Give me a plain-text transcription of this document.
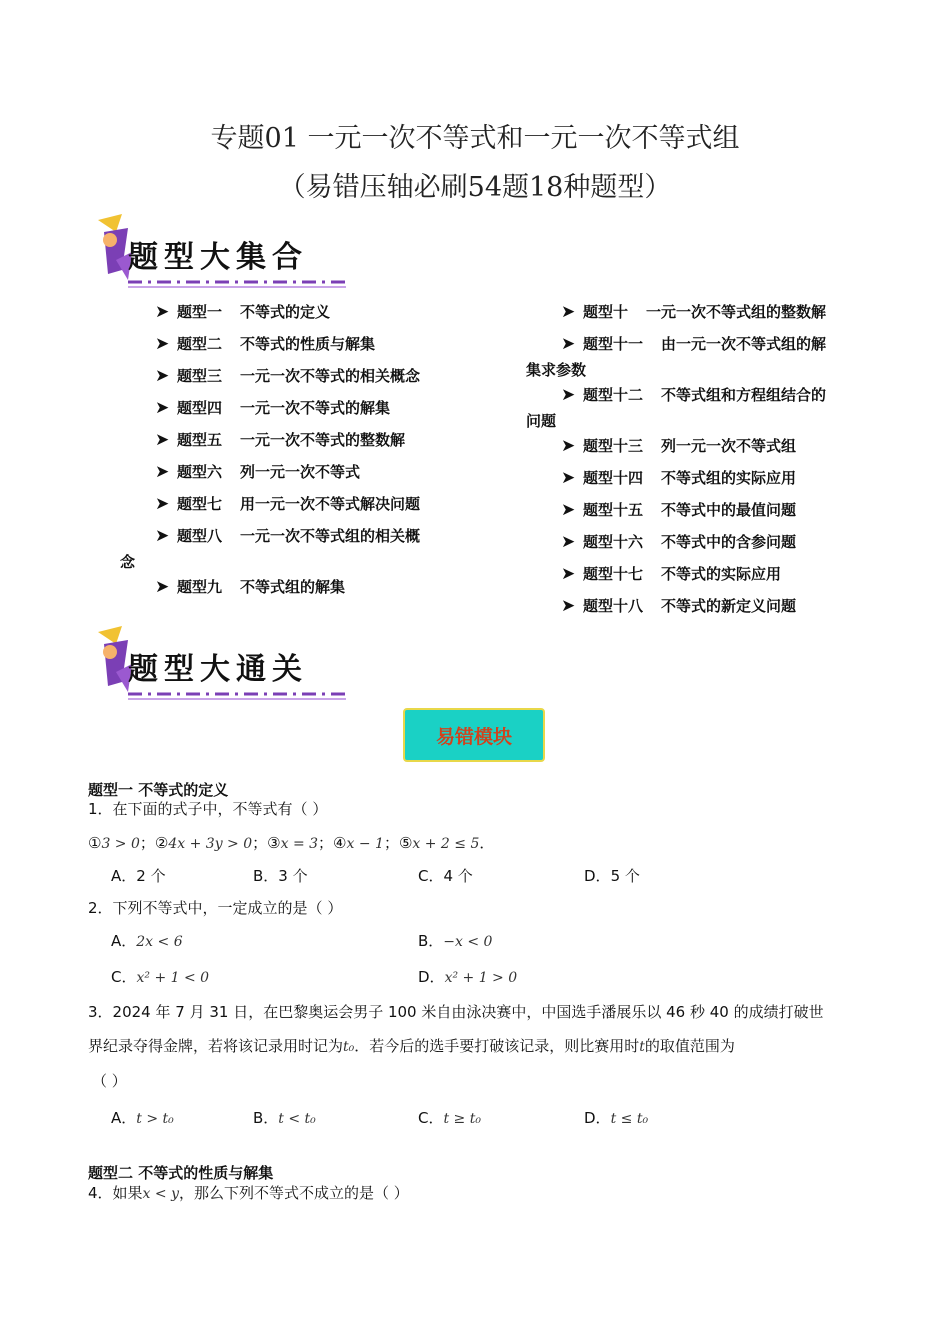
专题01 一元一次不等式和一元一次不等式组
（易错压轴必刷54题18种题型）
题型大集合
➤ 题型一 不等式的定义
➤ 题型二 不等式的性质与解集
➤ 题型三 一元一次不等式的相关概念
➤ 题型四 一元一次不等式的解集
➤ 题型五 一元一次不等式的整数解
➤ 题型六 列一元一次不等式
➤ 题型七 用一元一次不等式解决问题
➤ 题型八 一元一次不等式组的相关概
念
➤ 题型九 不等式组的解集
➤ 题型十 一元一次不等式组的整数解
➤ 题型十一 由一元一次不等式组的解
集求参数
➤ 题型十二 不等式组和方程组结合的
问题
➤ 题型十三 列一元一次不等式组
➤ 题型十四 不等式组的实际应用
➤ 题型十五 不等式中的最值问题
➤ 题型十六 不等式中的含参问题
➤ 题型十七 不等式的实际应用
➤ 题型十八 不等式的新定义问题
题型大通关
易错模块
题型一 不等式的定义
1．在下面的式子中，不等式有（ ）
①3 > 0；②4x + 3y > 0；③x = 3；④x − 1；⑤x + 2 ≤ 5．
A．2 个	B．3 个	C．4 个	D．5 个
2．下列不等式中，一定成立的是（ ）
A．2x < 6	B．−x < 0
C．x² + 1 < 0	D．x² + 1 > 0
3．2024 年 7 月 31 日，在巴黎奥运会男子 100 米自由泳决赛中，中国选手潘展乐以 46 秒 40 的成绩打破世
界纪录夺得金牌，若将该记录用时记为t₀．若今后的选手要打破该记录，则比赛用时t的取值范围为
（ ）
A．t > t₀	B．t < t₀	C．t ≥ t₀	D．t ≤ t₀
题型二 不等式的性质与解集
4．如果x < y，那么下列不等式不成立的是（ ）
